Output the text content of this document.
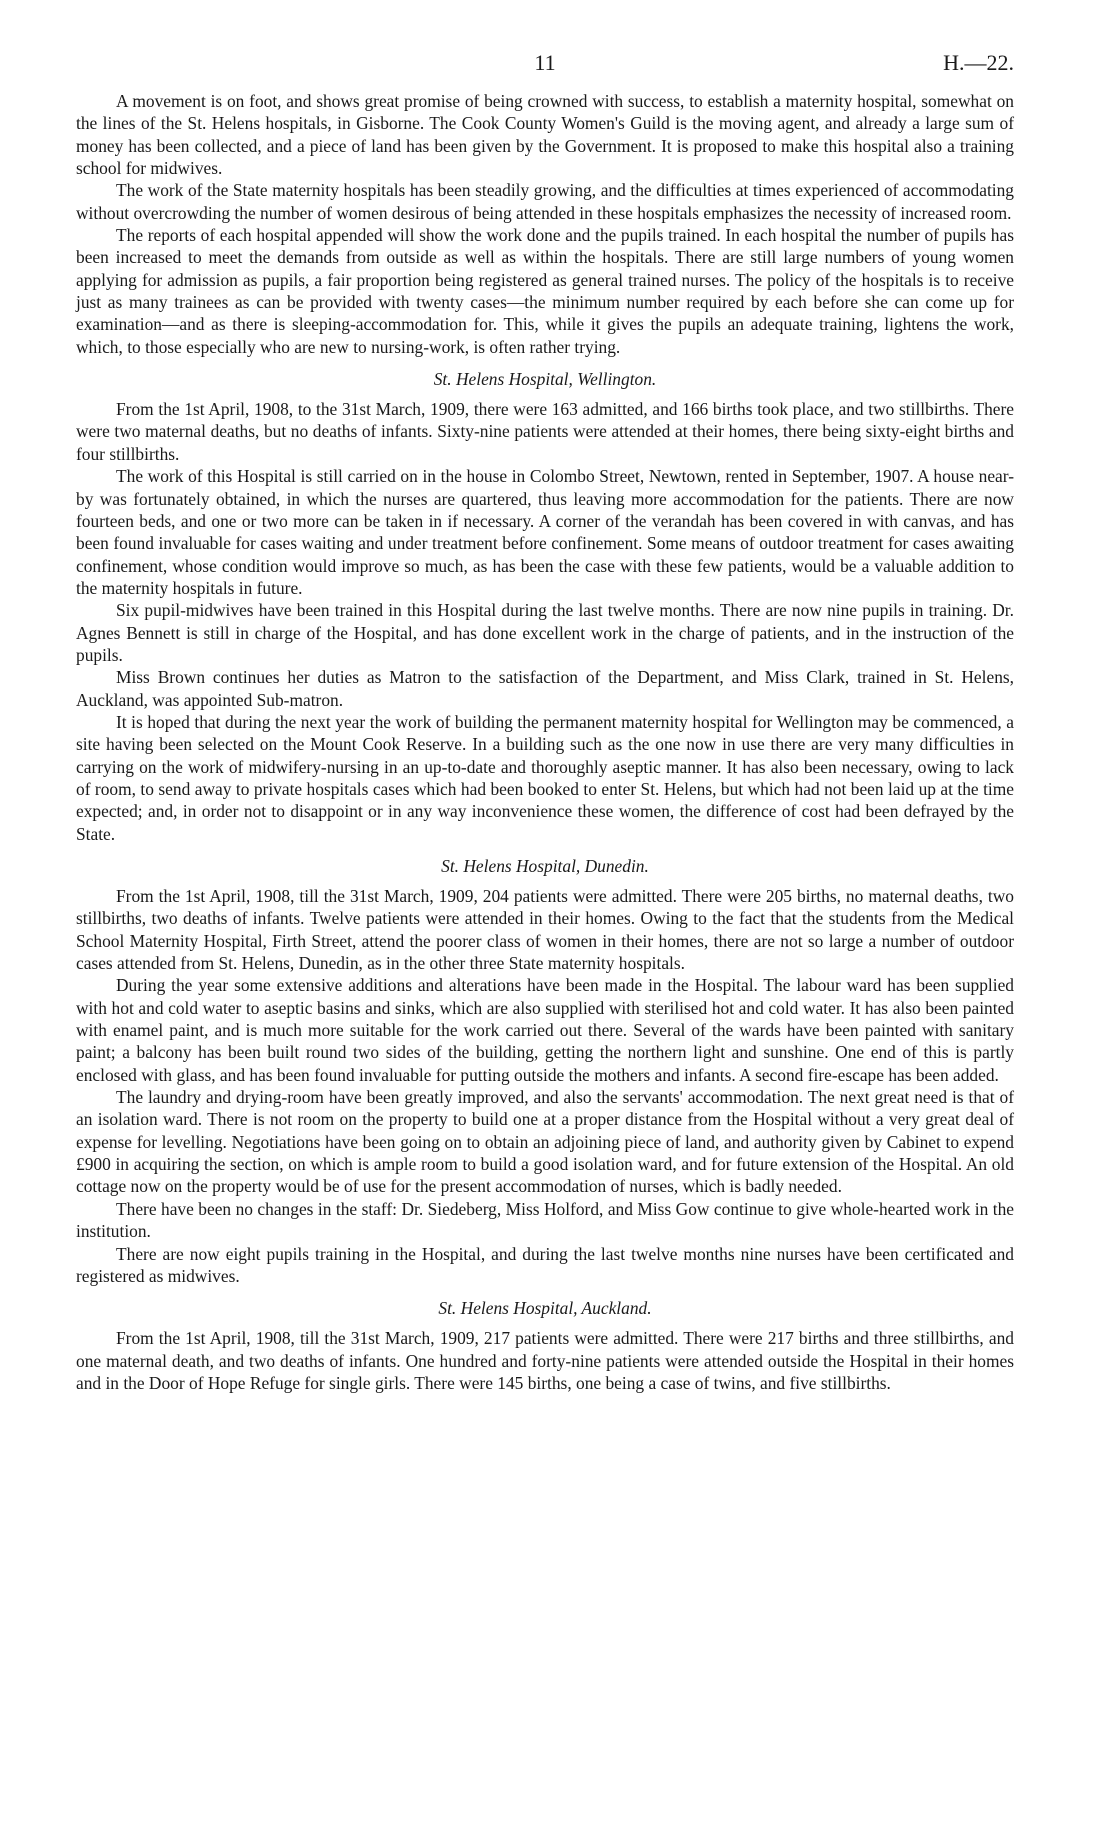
11	H.—22.

A movement is on foot, and shows great promise of being crowned with success, to establish a maternity hospital, somewhat on the lines of the St. Helens hospitals, in Gisborne. The Cook County Women's Guild is the moving agent, and already a large sum of money has been collected, and a piece of land has been given by the Government. It is proposed to make this hospital also a training school for midwives.

The work of the State maternity hospitals has been steadily growing, and the difficulties at times experienced of accommodating without overcrowding the number of women desirous of being attended in these hospitals emphasizes the necessity of increased room.

The reports of each hospital appended will show the work done and the pupils trained. In each hospital the number of pupils has been increased to meet the demands from outside as well as within the hospitals. There are still large numbers of young women applying for admission as pupils, a fair proportion being registered as general trained nurses. The policy of the hospitals is to receive just as many trainees as can be provided with twenty cases—the minimum number required by each before she can come up for examination—and as there is sleeping-accommodation for. This, while it gives the pupils an adequate training, lightens the work, which, to those especially who are new to nursing-work, is often rather trying.

St. Helens Hospital, Wellington.

From the 1st April, 1908, to the 31st March, 1909, there were 163 admitted, and 166 births took place, and two stillbirths. There were two maternal deaths, but no deaths of infants. Sixty-nine patients were attended at their homes, there being sixty-eight births and four stillbirths.

The work of this Hospital is still carried on in the house in Colombo Street, Newtown, rented in September, 1907. A house near-by was fortunately obtained, in which the nurses are quartered, thus leaving more accommodation for the patients. There are now fourteen beds, and one or two more can be taken in if necessary. A corner of the verandah has been covered in with canvas, and has been found invaluable for cases waiting and under treatment before confinement. Some means of outdoor treatment for cases awaiting confinement, whose condition would improve so much, as has been the case with these few patients, would be a valuable addition to the maternity hospitals in future.

Six pupil-midwives have been trained in this Hospital during the last twelve months. There are now nine pupils in training. Dr. Agnes Bennett is still in charge of the Hospital, and has done excellent work in the charge of patients, and in the instruction of the pupils.

Miss Brown continues her duties as Matron to the satisfaction of the Department, and Miss Clark, trained in St. Helens, Auckland, was appointed Sub-matron.

It is hoped that during the next year the work of building the permanent maternity hospital for Wellington may be commenced, a site having been selected on the Mount Cook Reserve. In a building such as the one now in use there are very many difficulties in carrying on the work of midwifery-nursing in an up-to-date and thoroughly aseptic manner. It has also been necessary, owing to lack of room, to send away to private hospitals cases which had been booked to enter St. Helens, but which had not been laid up at the time expected; and, in order not to disappoint or in any way inconvenience these women, the difference of cost had been defrayed by the State.

St. Helens Hospital, Dunedin.

From the 1st April, 1908, till the 31st March, 1909, 204 patients were admitted. There were 205 births, no maternal deaths, two stillbirths, two deaths of infants. Twelve patients were attended in their homes. Owing to the fact that the students from the Medical School Maternity Hospital, Firth Street, attend the poorer class of women in their homes, there are not so large a number of outdoor cases attended from St. Helens, Dunedin, as in the other three State maternity hospitals.

During the year some extensive additions and alterations have been made in the Hospital. The labour ward has been supplied with hot and cold water to aseptic basins and sinks, which are also supplied with sterilised hot and cold water. It has also been painted with enamel paint, and is much more suitable for the work carried out there. Several of the wards have been painted with sanitary paint; a balcony has been built round two sides of the building, getting the northern light and sunshine. One end of this is partly enclosed with glass, and has been found invaluable for putting outside the mothers and infants. A second fire-escape has been added.

The laundry and drying-room have been greatly improved, and also the servants' accommodation. The next great need is that of an isolation ward. There is not room on the property to build one at a proper distance from the Hospital without a very great deal of expense for levelling. Negotiations have been going on to obtain an adjoining piece of land, and authority given by Cabinet to expend £900 in acquiring the section, on which is ample room to build a good isolation ward, and for future extension of the Hospital. An old cottage now on the property would be of use for the present accommodation of nurses, which is badly needed.

There have been no changes in the staff: Dr. Siedeberg, Miss Holford, and Miss Gow continue to give whole-hearted work in the institution.

There are now eight pupils training in the Hospital, and during the last twelve months nine nurses have been certificated and registered as midwives.

St. Helens Hospital, Auckland.

From the 1st April, 1908, till the 31st March, 1909, 217 patients were admitted. There were 217 births and three stillbirths, and one maternal death, and two deaths of infants. One hundred and forty-nine patients were attended outside the Hospital in their homes and in the Door of Hope Refuge for single girls. There were 145 births, one being a case of twins, and five stillbirths.
